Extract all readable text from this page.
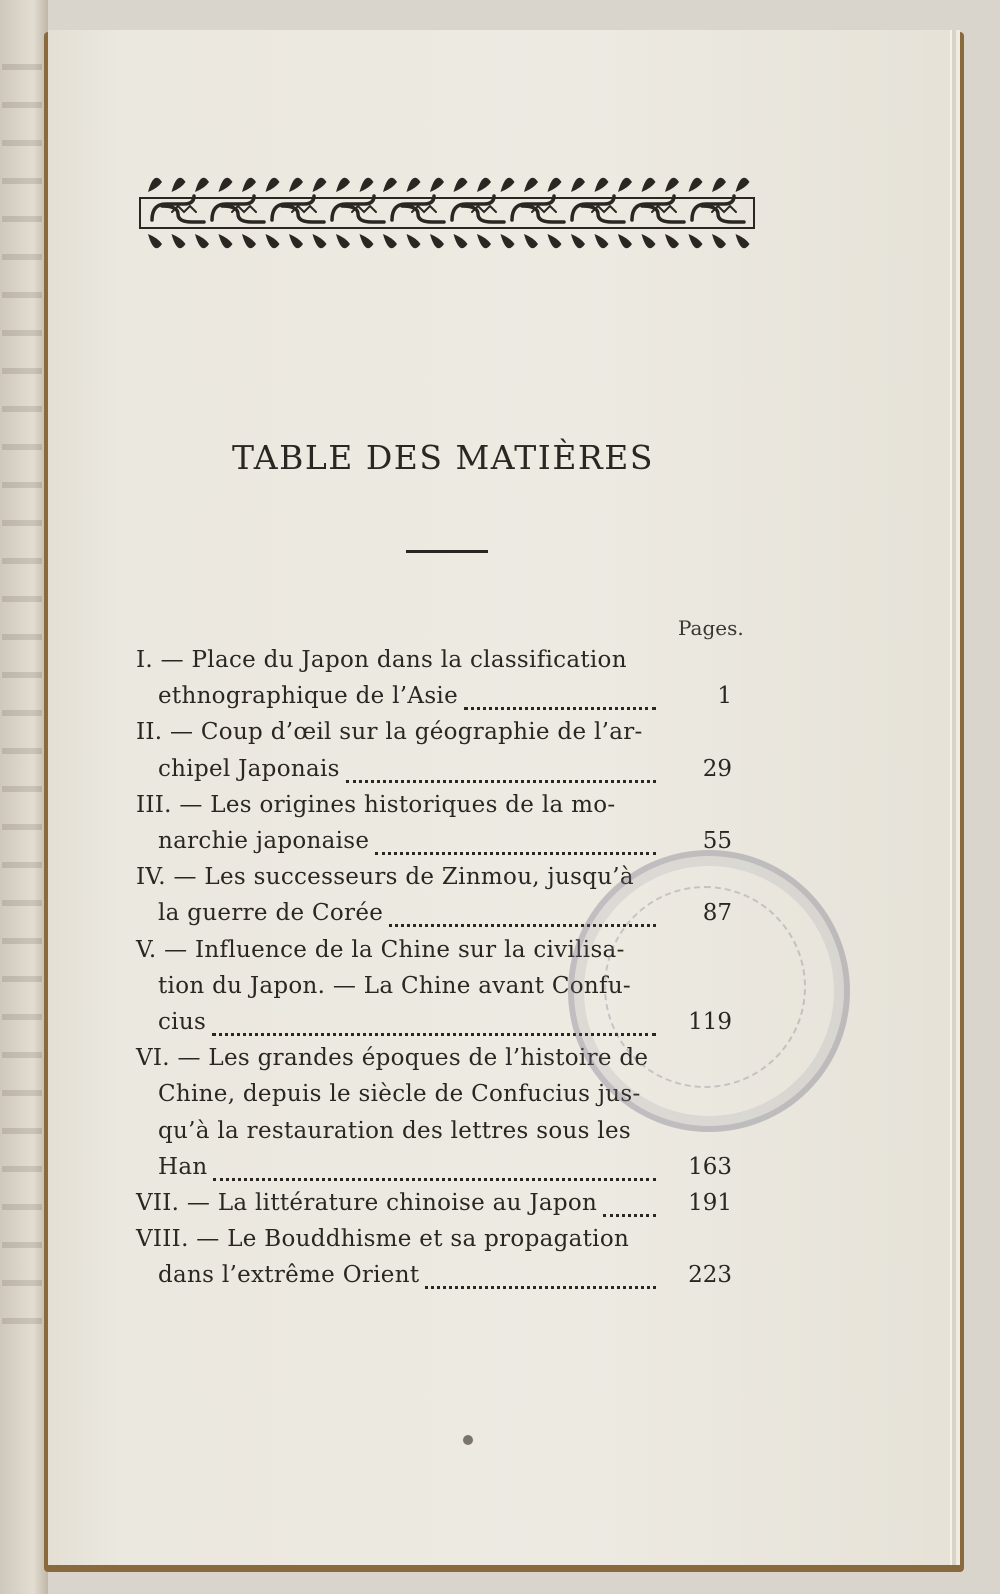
TABLE DES MATIÈRES
Pages.
I. — Place du Japon dans la classification
ethnographique de l’Asie	1
II. — Coup d’œil sur la géographie de l’ar-
chipel Japonais	29
III. — Les origines historiques de la mo-
narchie japonaise	55
IV. — Les successeurs de Zinmou, jusqu’à
la guerre de Corée	87
V. — Influence de la Chine sur la civilisa-
tion du Japon. — La Chine avant Confu-
cius	119
VI. — Les grandes époques de l’histoire de
Chine, depuis le siècle de Confucius jus-
qu’à la restauration des lettres sous les
Han	163
VII. — La littérature chinoise au Japon	191
VIII. — Le Bouddhisme et sa propagation
dans l’extrême Orient	223
